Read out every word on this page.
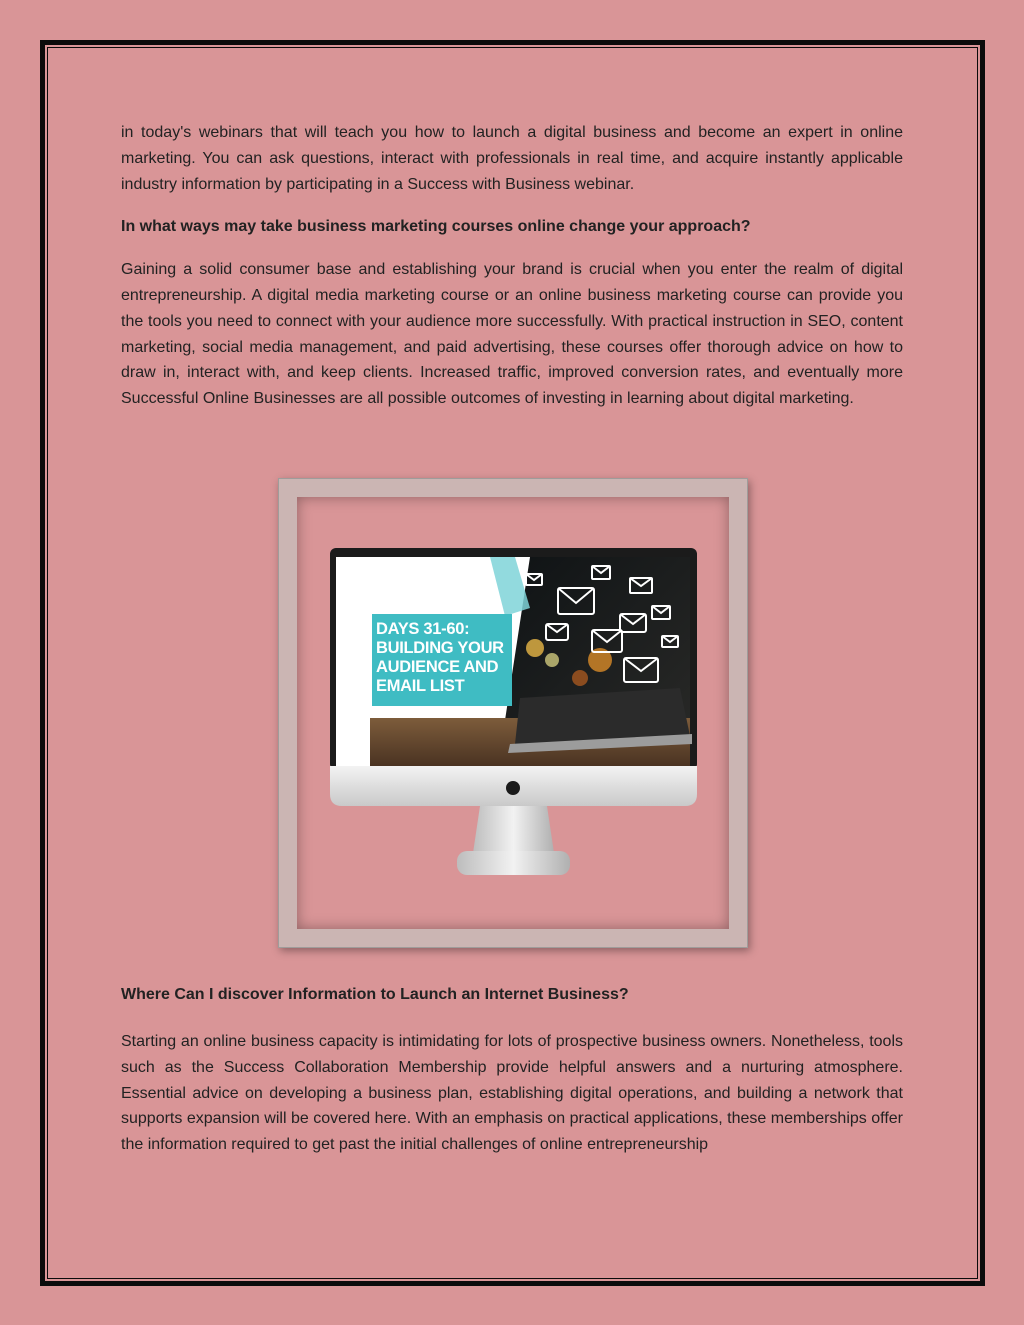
in today's webinars that will teach you how to launch a digital business and become an expert in online marketing. You can ask questions, interact with professionals in real time, and acquire instantly applicable industry information by participating in a Success with Business webinar.

In what ways may take business marketing courses online change your approach?

Gaining a solid consumer base and establishing your brand is crucial when you enter the realm of digital entrepreneurship. A digital media marketing course or an online business marketing course can provide you the tools you need to connect with your audience more successfully. With practical instruction in SEO, content marketing, social media management, and paid advertising, these courses offer thorough advice on how to draw in, interact with, and keep clients. Increased traffic, improved conversion rates, and eventually more Successful Online Businesses are all possible outcomes of investing in learning about digital marketing.

DAYS 31-60:
BUILDING YOUR
AUDIENCE AND
EMAIL LIST
Where Can I discover Information to Launch an Internet Business?

Starting an online business capacity is intimidating for lots of prospective business owners. Nonetheless, tools such as the Success Collaboration Membership provide helpful answers and a nurturing atmosphere. Essential advice on developing a business plan, establishing digital operations, and building a network that supports expansion will be covered here. With an emphasis on practical applications, these memberships offer the information required to get past the initial challenges of online entrepreneurship
